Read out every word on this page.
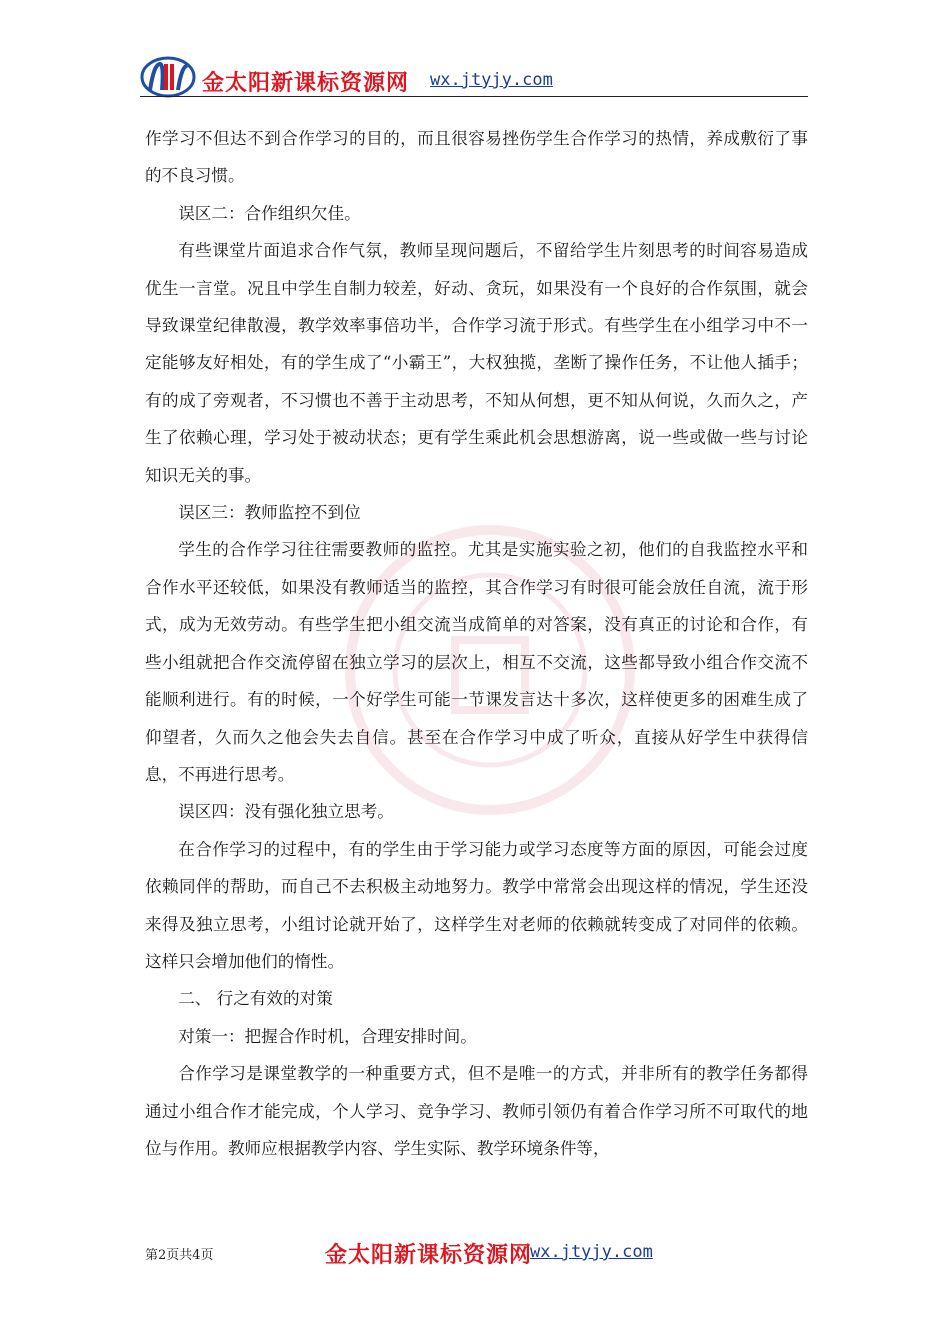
金太阳新课标资源网 wx.jtyjy.com

作学习不但达不到合作学习的目的，而且很容易挫伤学生合作学习的热情，养成敷衍了事的不良习惯。

误区二：合作组织欠佳。

有些课堂片面追求合作气氛，教师呈现问题后，不留给学生片刻思考的时间容易造成优生一言堂。况且中学生自制力较差，好动、贪玩，如果没有一个良好的合作氛围，就会导致课堂纪律散漫，教学效率事倍功半，合作学习流于形式。有些学生在小组学习中不一定能够友好相处，有的学生成了“小霸王”，大权独揽，垄断了操作任务，不让他人插手；有的成了旁观者，不习惯也不善于主动思考，不知从何想，更不知从何说，久而久之，产生了依赖心理，学习处于被动状态；更有学生乘此机会思想游离，说一些或做一些与讨论知识无关的事。

误区三：教师监控不到位

学生的合作学习往往需要教师的监控。尤其是实施实验之初，他们的自我监控水平和合作水平还较低，如果没有教师适当的监控，其合作学习有时很可能会放任自流，流于形式，成为无效劳动。有些学生把小组交流当成简单的对答案，没有真正的讨论和合作，有些小组就把合作交流停留在独立学习的层次上，相互不交流，这些都导致小组合作交流不能顺利进行。有的时候，一个好学生可能一节课发言达十多次，这样使更多的困难生成了仰望者，久而久之他会失去自信。甚至在合作学习中成了听众，直接从好学生中获得信息，不再进行思考。

误区四：没有强化独立思考。

在合作学习的过程中，有的学生由于学习能力或学习态度等方面的原因，可能会过度依赖同伴的帮助，而自己不去积极主动地努力。教学中常常会出现这样的情况，学生还没来得及独立思考，小组讨论就开始了，这样学生对老师的依赖就转变成了对同伴的依赖。这样只会增加他们的惰性。

二、 行之有效的对策

对策一：把握合作时机，合理安排时间。

合作学习是课堂教学的一种重要方式，但不是唯一的方式，并非所有的教学任务都得通过小组合作才能完成，个人学习、竞争学习、教师引领仍有着合作学习所不可取代的地位与作用。教师应根据教学内容、学生实际、教学环境条件等，

第2页共4页	金太阳新课标资源网
wx.jtyjy.com
